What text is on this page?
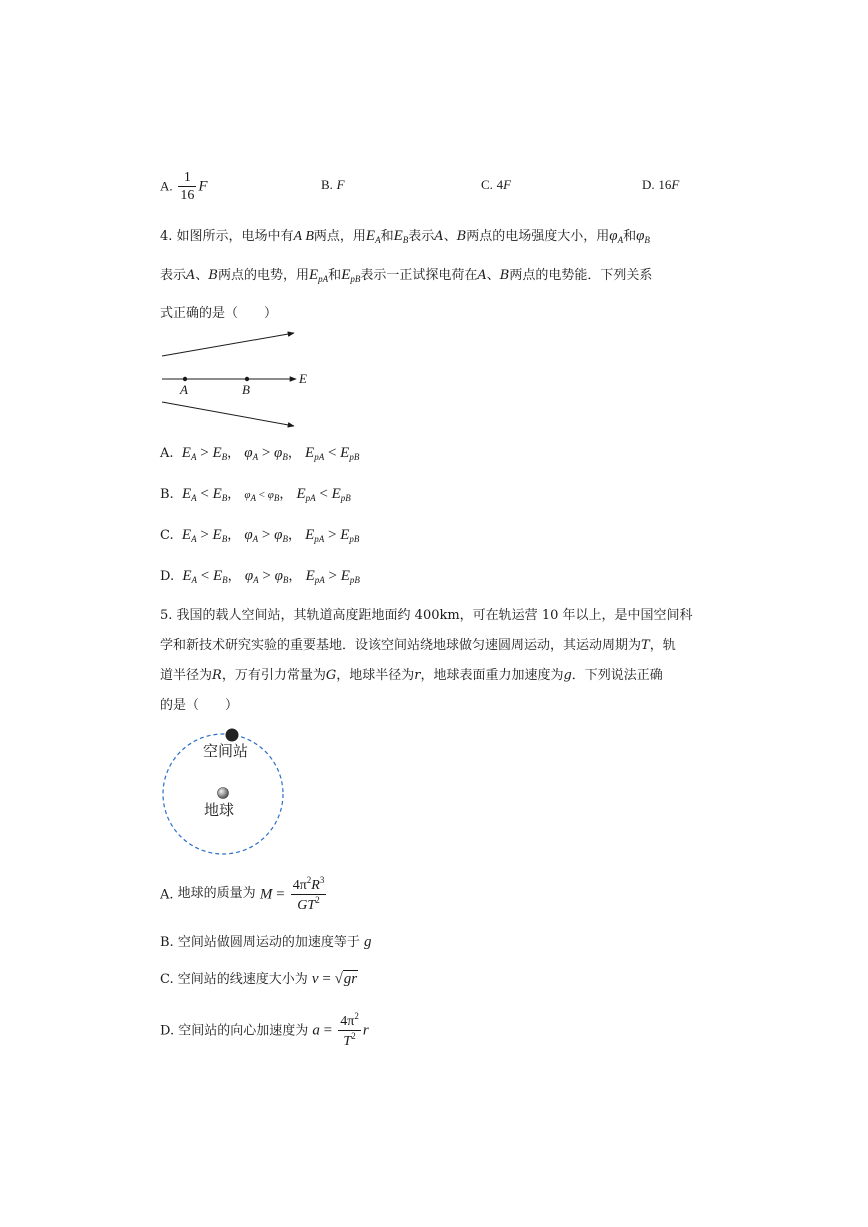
A. $\frac{1}{16}$ F	B. F	C. 4F	D. 16F
4. 如图所示，电场中有A B两点，用$E_A$和$E_B$表示A、B两点的电场强度大小，用$\varphi_A$和$\varphi_B$
表示A、B两点的电势，用$E_{pA}$和$E_{pB}$表示一正试探电荷在A、B两点的电势能．下列关系
式正确的是（　　）
A	B
E
空间站
地球
A. $E_A > E_B$， $\varphi_A > \varphi_B$， $E_{pA} < E_{pB}$
B. $E_A < E_B$， $\varphi_A < \varphi_B$， $E_{pA} < E_{pB}$
C. $E_A > E_B$， $\varphi_A > \varphi_B$， $E_{pA} > E_{pB}$
D. $E_A < E_B$， $\varphi_A > \varphi_B$， $E_{pA} > E_{pB}$
5. 我国的载人空间站，其轨道高度距地面约 400km，可在轨运营 10 年以上，是中国空间科
学和新技术研究实验的重要基地．设该空间站绕地球做匀速圆周运动，其运动周期为T，轨
道半径为R，万有引力常量为G，地球半径为r，地球表面重力加速度为g．下列说法正确
的是（　　）
A. 地球的质量为 $M = \frac{4\pi^2R^3}{GT^2}$
B. 空间站做圆周运动的加速度等于 g
C. 空间站的线速度大小为 v = √gr
D. 空间站的向心加速度为 $a = \frac{4\pi^2}{T^2}$ r
